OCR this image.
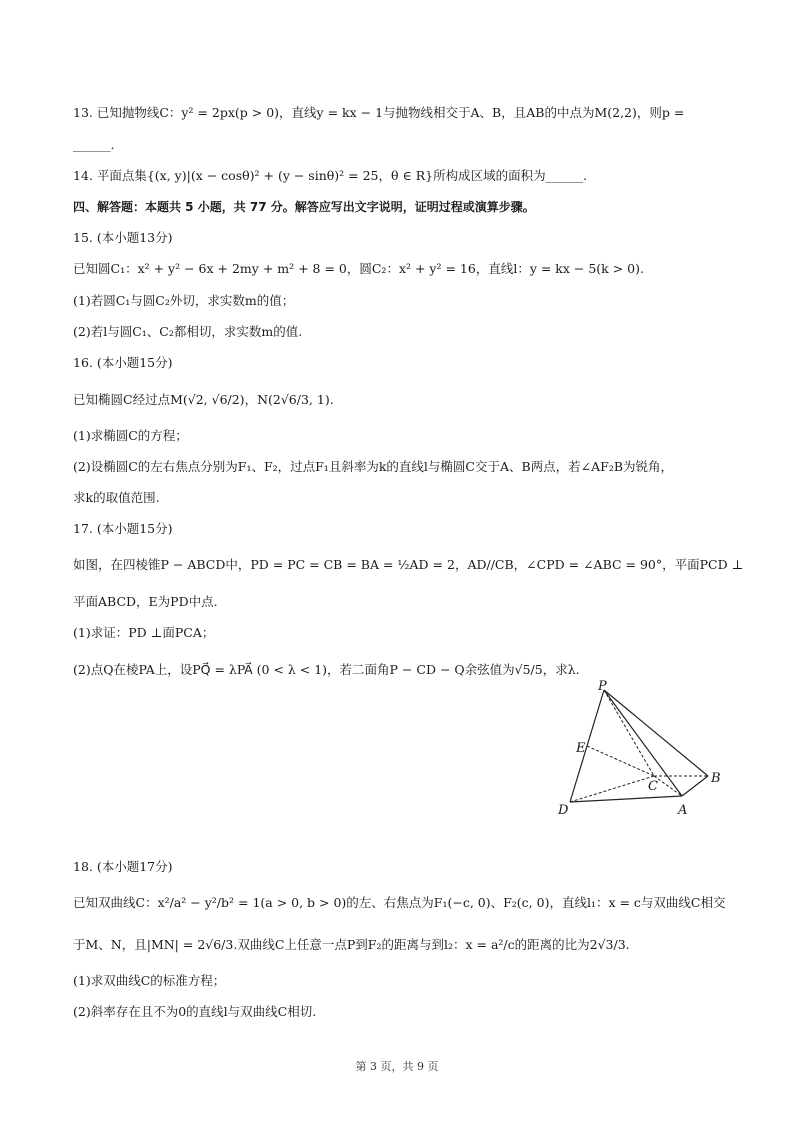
13. 已知抛物线C：y² = 2px(p > 0)，直线y = kx − 1与抛物线相交于A、B，且AB的中点为M(2,2)，则p =
______.
14. 平面点集{(x, y)|(x − cosθ)² + (y − sinθ)² = 25，θ ∈ R}所构成区域的面积为______.
四、解答题：本题共 5 小题，共 77 分。解答应写出文字说明，证明过程或演算步骤。
15. (本小题13分)
已知圆C₁：x² + y² − 6x + 2my + m² + 8 = 0，圆C₂：x² + y² = 16，直线l：y = kx − 5(k > 0).
(1)若圆C₁与圆C₂外切，求实数m的值；
(2)若l与圆C₁、C₂都相切，求实数m的值.
16. (本小题15分)
已知椭圆C经过点M(√2, √6/2)，N(2√6/3, 1).
(1)求椭圆C的方程；
(2)设椭圆C的左右焦点分别为F₁、F₂，过点F₁且斜率为k的直线l与椭圆C交于A、B两点，若∠AF₂B为锐角，
求k的取值范围.
17. (本小题15分)
如图，在四棱锥P − ABCD中，PD = PC = CB = BA = ½AD = 2，AD//CB，∠CPD = ∠ABC = 90°，平面PCD ⊥
平面ABCD，E为PD中点.
(1)求证：PD ⊥面PCA；
(2)点Q在棱PA上，设PQ⃗ = λPA⃗ (0 < λ < 1)，若二面角P − CD − Q余弦值为√5/5，求λ.
P
E
C
B
D	A
18. (本小题17分)
已知双曲线C：x²/a² − y²/b² = 1(a > 0, b > 0)的左、右焦点为F₁(−c, 0)、F₂(c, 0)，直线l₁：x = c与双曲线C相交
于M、N，且|MN| = 2√6/3.双曲线C上任意一点P到F₂的距离与到l₂：x = a²/c的距离的比为2√3/3.
(1)求双曲线C的标准方程；
(2)斜率存在且不为0的直线l与双曲线C相切.
第 3 页，共 9 页
